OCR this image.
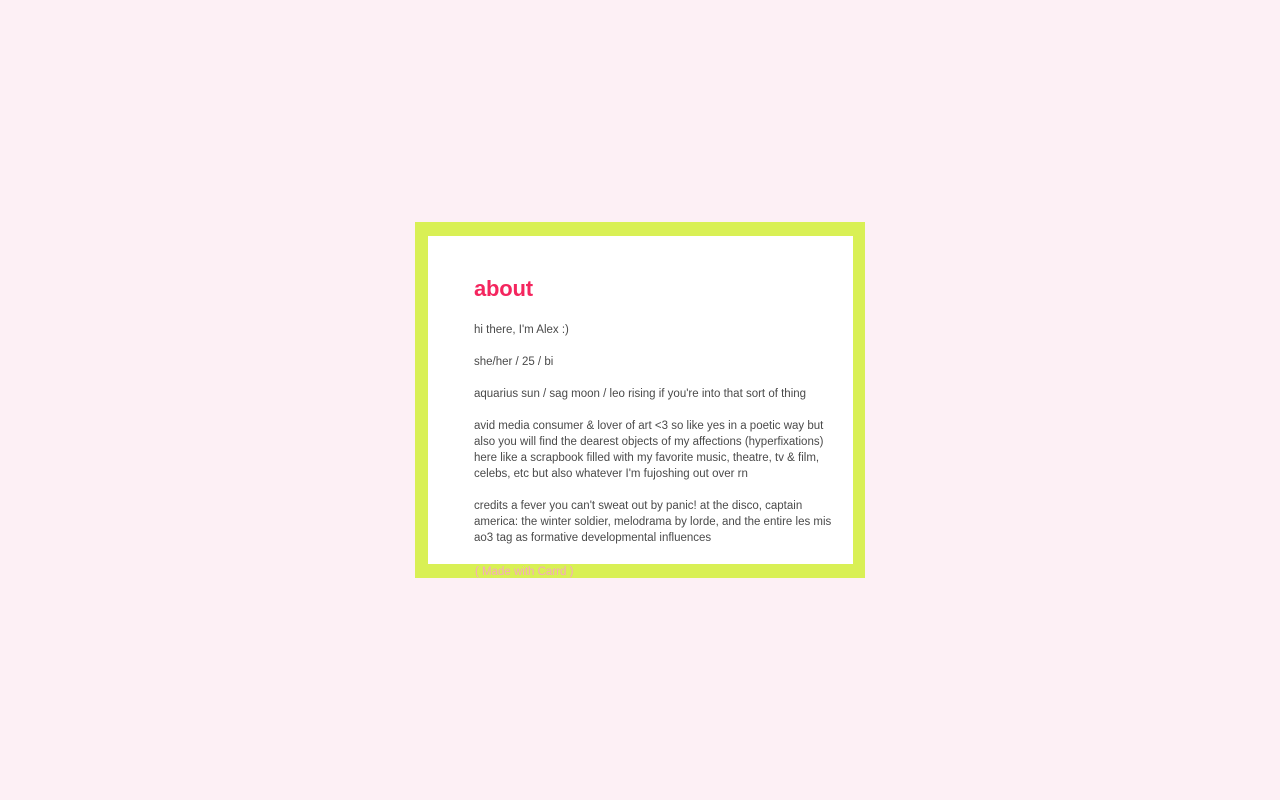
about

hi there, I'm Alex :)

she/her / 25 / bi

aquarius sun / sag moon / leo rising if you're into that sort of thing

avid media consumer & lover of art <3 so like yes in a poetic way but also you will find the dearest objects of my affections (hyperfixations) here like a scrapbook filled with my favorite music, theatre, tv & film, celebs, etc but also whatever I'm fujoshing out over rn

credits a fever you can't sweat out by panic! at the disco, captain america: the winter soldier, melodrama by lorde, and the entire les mis ao3 tag as formative developmental influences

( Made with Carrd )
